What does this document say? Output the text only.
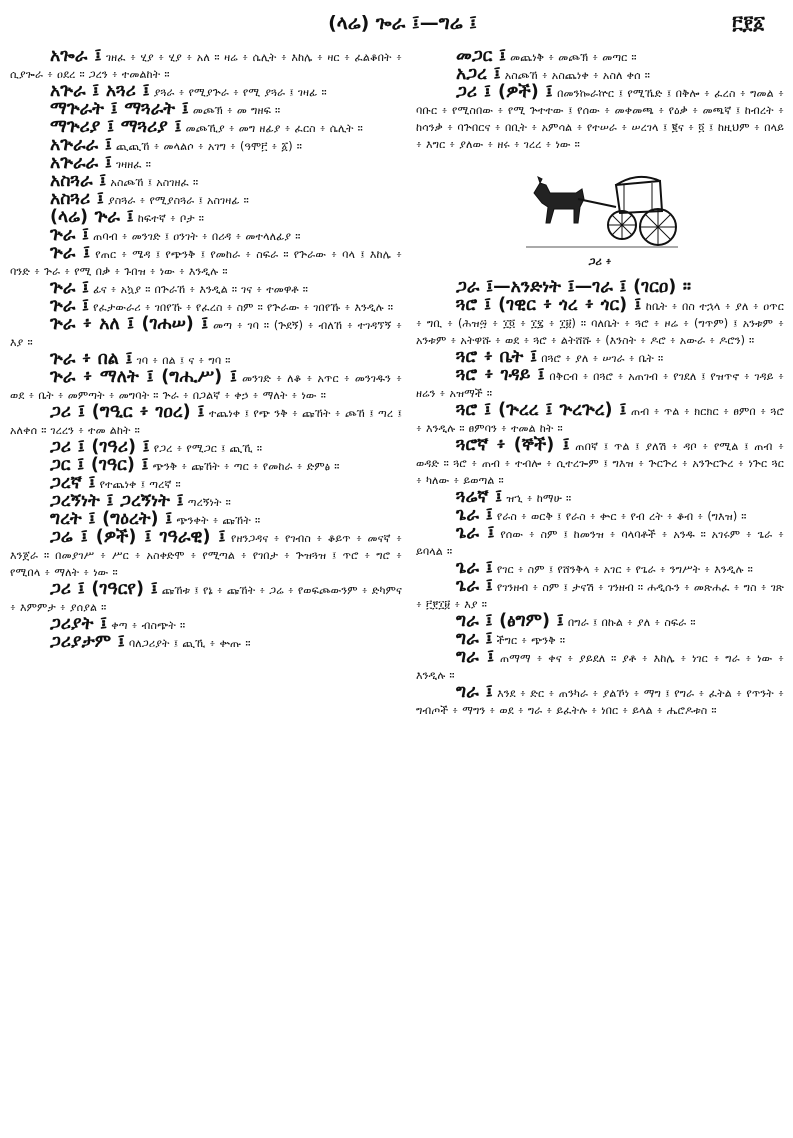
(ላሬ) ጐራ ፤—ግሬ ፤	፫፻፩

አጐራ ፤ ገዘፈ ፥ ሂያ ፥ ሂያ ፥ አለ ። ዛሬ ፥ ሴሊት ፥ እከሌ ፥ ዛር ፥ ፈልቆበት ፥ ሲያጐራ ፥ ዐደረ ። ጋረን ፥ ተመልከት ።

አጕራ ፤ አጓሪ ፤ ያጓራ ፥ የሚያጕራ ፥ የሚ ያጓራ ፤ ገዛፊ ።

ማጕራት ፤ ማጓራት ፤ መጮኽ ፥ መ ግዘፍ ።

ማጕሪያ ፤ ማጓሪያ ፤ መጮኺያ ፥ መግ ዘፊያ ፥ ፈርስ ፥ ሴሊት ።

አጕራራ ፤ ጪጪኸ ፥ መላልሶ ፥ አገግ ፥ (ዓሞ፫ ፥ ፩) ።

አጕራራ ፤ ገዛዘፈ ።

አስጓራ ፤ አስጮኸ ፤ አስገዘፈ ።

አስጓሪ ፤ ያስጓራ ፥ የሚያስጓራ ፤ አስገዛፊ ።

(ላሬ) ጕራ ፤ ከፍተኛ ፥ ቦታ ።

ጕራ ፤ ጠባብ ፥ መንገድ ፤ ዐንገት ፥ በሪዳ ፥ መተላለፊያ ።

ጕራ ፤ የጠር ፥ ሜዳ ፤ የጭንቅ ፤ የመከራ ፥ ስፍራ ። የጕራው ፥ ባላ ፤ እከሌ ፥ ባንድ ፥ ጕራ ፥ የሚ በቃ ፥ ጉበዝ ፥ ነው ፥ እንዲሉ ።

ጕራ ፤ ፊና ፥ አኳያ ። በጕራኸ ፥ እንዲል ። ገና ፥ ተመዋቶ ።

ጕራ ፤ የፈታውራሪ ፥ ገበየኹ ፥ የፈረስ ፥ ስም ። የጕራው ፥ ገበየኹ ፥ እንዲሉ ።

ጕራ ፥ አለ ፤ (ገሐሠ) ፤ መጣ ፥ ገባ ። (ጕደኝ) ፥ ብለኸ ፥ ተገዳኘኝ ፥ እያ ።

ጕራ ፥ በል ፤ ገባ ፥ በል ፤ ና ፥ ግባ ።

ጕራ ፥ ማለት ፤ (ግሒሥ) ፤ መንገድ ፥ ለቆ ፥ አጥር ፥ መንገዱን ፥ ወደ ፥ ቤት ፥ መምጣት ፥ መግባት ። ጕራ ፥ በጋልኛ ፥ ቀኃ ፥ ማለት ፥ ነው ።

ጋሪ ፤ (ግዒር ፥ ገዐረ) ፤ ተጨነቀ ፤ የጭ ንቅ ፥ ጩኸት ፥ ጮኸ ፤ ጣረ ፤ አለቀሰ ። ገረረን ፥ ተመ ልከት ።

ጋሪ ፤ (ገዓሪ) ፤ የጋረ ፥ የሚጋር ፤ ጪኺ ።

ጋር ፤ (ገዓር) ፤ ጭንቅ ፥ ጩኸት ፥ ጣር ፥ የመከራ ፥ ድምፅ ።

ጋረኛ ፤ የተጨነቀ ፤ ጣረኛ ።

ጋረኝነት ፤ ጋረኝነት ፤ ጣረኝነት ።

ግረት ፤ (ግዕረት) ፤ ጭንቀት ፥ ጩኸት ።

ጋሬ ፤ (ዎች) ፤ ገዓራዊ) ፤ የዘንጋዳና ፥ የገብስ ፥ ቆይጥ ፥ መናኛ ፥ እንጀራ ። በመያገሥ ፥ ሥር ፥ አስቀድሞ ፥ የሚጣል ፥ የገበታ ፥ ጕዝጓዝ ፤ ጥሮ ፥ ግሮ ፥ የሚበላ ፥ ማለት ፥ ነው ።

ጋሪ ፤ (ገዓርየ) ፤ ጩኸቱ ፤ የኔ ፥ ጩኸት ፥ ጋሬ ፥ የወፍጮውንም ፥ ድካምና ፥ እምምታ ፥ ያሰያል ።

ጋሪያት ፤ ቀጣ ፥ ብስጭት ።

ጋሪያታም ፤ ባለጋሪያት ፤ ጪኺ ፥ ቍጡ ።

መጋር ፤ መጨነቅ ፥ መጮኽ ፥ መጣር ።

አጋረ ፤ አስጮኸ ፥ አስጨነቀ ፥ አስለ ቀሰ ።

ጋሪ ፤ (ዎች) ፤ በመንኰራኵር ፤ የሚኼድ ፤ በቅሎ ፥ ፈረስ ፥ ግመል ፥ ባቡር ፥ የሚስበው ፥ የሚ ጕተተው ፤ የሰው ፥ መቀመጫ ፥ የዕቃ ፥ መጫኛ ፤ ከብረት ፥ ከሳንቃ ፥ ባጕበርና ፥ በቢት ፥ አምሳል ፥ የተሠራ ፥ ሠረገላ ፤ ፪ና ፥ ፬ ፤ ከዚህም ፥ በላይ ፥ እግር ፥ ያለው ፥ ዘሩ ፥ ገረረ ፥ ነው ።

ጋሪ ፥

ጋራ ፤—አንድነት ፤—ገራ ፤ (ገርዐ) ።

ጓሮ ፤ (ገዊር ፥ ጎረ ፥ ጎር) ፤ ከቤት ፥ በስ ተኋላ ፥ ያለ ፥ ዐጥር ፥ ግቢ ፥ (ሕዝ፵ ፥ ፲፬ ፥ ፲፯ ፥ ፲፱) ። ባለቤት ፥ ጓሮ ፥ ዞሬ ፥ (ግጥም) ፤ አንቱም ፥ አንቱም ፥ አትዋሹ ፥ ወደ ፥ ጓሮ ፥ ልትሸሹ ፥ (እንስት ፥ ዶሮ ፥ አውራ ፥ ዶሮን) ።

ጓሮ ፥ ቤት ፤ በጓሮ ፥ ያለ ፥ ሠገራ ፥ ቤት ።

ጓሮ ፥ ገዳይ ፤ በቅርብ ፥ በጓሮ ፥ አጠገብ ፥ የገደለ ፤ የዝጥኖ ፥ ገዳይ ፥ ዘሬን ፥ አዝማች ።

ጓሮ ፤ (ጕረረ ፤ ጕረጕረ) ፤ ጠብ ፥ ጥል ፥ ክርክር ፥ ፀምበ ፥ ጓሮ ፥ እንዲሉ ። ፀምባን ፥ ተመል ከት ።

ጓሮኛ ፥ (ኞች) ፤ ጠበኛ ፤ ጥል ፤ ያለሽ ፥ ዳቦ ፥ የሚል ፤ ጠብ ፥ ወዳድ ። ጓሮ ፥ ጠብ ፥ ተብሎ ፥ ሲተረጐም ፤ ግእዝ ፥ ጕርጕረ ፥ አንጕርጕረ ፥ ነጕር ጓር ፥ ካለው ፥ ይወጣል ።

ጓሬኛ ፤ ዝኂ ፥ ከማሁ ።

ጌራ ፤ የራስ ፥ ወርቅ ፤ የራስ ፥ ቍር ፥ የብ ረት ፥ ቆብ ፥ (ግእዝ) ።

ጌራ ፤ የሰው ፥ ስም ፤ ከመንዝ ፥ ባላባቶች ፥ አንዱ ። አገሩም ፥ ጌራ ፥ ይባላል ።

ጌራ ፤ የገር ፥ ስም ፤ የሸንቅላ ፥ አገር ፥ የጌራ ፥ ንግሥት ፥ እንዲሉ ።

ጌራ ፤ የገንዘብ ፥ ስም ፤ ታናሽ ፥ ገንዘብ ። ሐዲሱን ፥ መጽሐፈ ፥ ግስ ፥ ገጽ ፥ ፫፻፲፱ ፥ እያ ።

ግራ ፤ (ፅግም) ፤ በግራ ፤ በኩል ፥ ያለ ፥ ስፍራ ።

ግራ ፤ ችግር ፥ ጭንቅ ።

ግራ ፤ ጠማማ ፥ ቀና ፥ ያይደለ ። ያቶ ፥ እከሌ ፥ ነገር ፥ ግራ ፥ ነው ፥ እንዲሉ ።

ግራ ፤ እንደ ፥ ድር ፥ ጠንካራ ፥ ያልኾነ ፥ ማግ ፤ የግራ ፥ ፈትል ፥ የጥንት ፥ ግብጦች ፥ ማግን ፥ ወደ ፥ ግራ ፥ ይፈትሉ ፥ ነበር ፥ ይላል ፥ ሔሮዶቱስ ።
